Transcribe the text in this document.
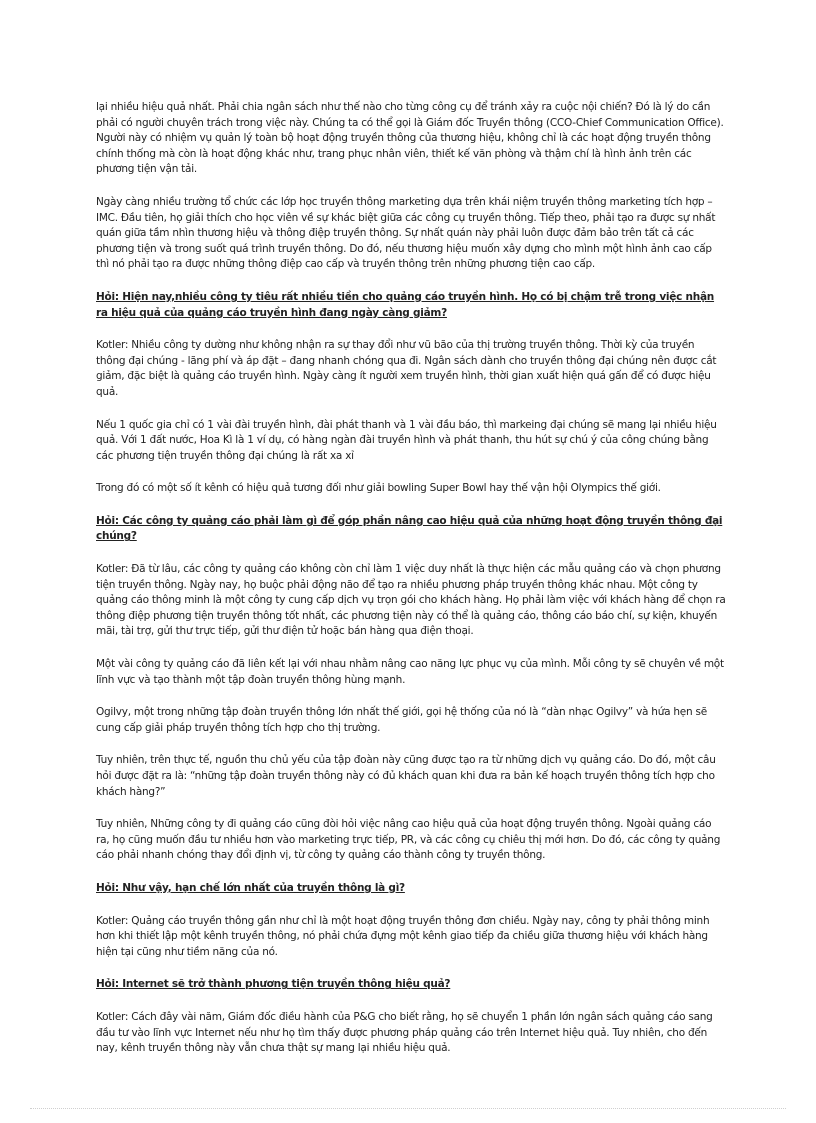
lại nhiều hiệu quả nhất. Phải chia ngân sách như thế nào cho từng công cụ để tránh xảy ra cuộc nội chiến? Đó là lý do cần phải có người chuyên trách trong việc này. Chúng ta có thể gọi là Giám đốc Truyền thông (CCO-Chief Communication Office). Người này có nhiệm vụ quản lý toàn bộ hoạt động truyền thông của thương hiệu, không chỉ là các hoạt động truyền thông chính thống mà còn là hoạt động khác như, trang phục nhân viên, thiết kế văn phòng và thậm chí là hình ảnh trên các phương tiện vận tải.

Ngày càng nhiều trường tổ chức các lớp học truyền thông marketing dựa trên khái niệm truyền thông marketing tích hợp – IMC. Đầu tiên, họ giải thích cho học viên về sự khác biệt giữa các công cụ truyền thông. Tiếp theo, phải tạo ra được sự nhất quán giữa tầm nhìn thương hiệu và thông điệp truyền thông. Sự nhất quán này phải luôn được đảm bảo trên tất cả các phương tiện và trong suốt quá trình truyền thông. Do đó, nếu thương hiệu muốn xây dựng cho mình một hình ảnh cao cấp thì nó phải tạo ra được những thông điệp cao cấp và truyền thông trên những phương tiện cao cấp.

Hỏi: Hiện nay,nhiều công ty tiêu rất nhiều tiền cho quảng cáo truyền hình. Họ có bị chậm trễ trong việc nhận ra hiệu quả của quảng cáo truyền hình đang ngày càng giảm?

Kotler: Nhiều công ty dường như không nhận ra sự thay đổi như vũ bão của thị trường truyền thông. Thời kỳ của truyền thông đại chúng - lãng phí và áp đặt – đang nhanh chóng qua đi. Ngân sách dành cho truyền thông đại chúng nên được cắt giảm, đặc biệt là quảng cáo truyền hình. Ngày càng ít người xem truyền hình, thời gian xuất hiện quá gấn để có được hiệu quả.

Nếu 1 quốc gia chỉ có 1 vài đài truyền hình, đài phát thanh và 1 vài đầu báo, thì markeing đại chúng sẽ mang lại nhiều hiệu quả. Với 1 đất nước, Hoa Kì là 1 ví dụ, có hàng ngàn đài truyền hình và phát thanh, thu hút sự chú ý của công chúng bằng các phương tiện truyền thông đại chúng là rất xa xỉ

Trong đó có một số ít kênh có hiệu quả tương đối như giải bowling Super Bowl hay thế vận hội Olympics thế giới.

Hỏi: Các công ty quảng cáo phải làm gì để góp phần nâng cao hiệu quả của những hoạt động truyền thông đại chúng?

Kotler: Đã từ lâu, các công ty quảng cáo không còn chỉ làm 1 việc duy nhất là thực hiện các mẫu quảng cáo và chọn phương tiện truyền thông. Ngày nay, họ buộc phải động não để tạo ra nhiều phương pháp truyền thông khác nhau. Một công ty quảng cáo thông minh là một công ty cung cấp dịch vụ trọn gói cho khách hàng. Họ phải làm việc với khách hàng để chọn ra thông điệp phương tiện truyền thông tốt nhất, các phương tiện này có thể là quảng cáo, thông cáo báo chí, sự kiện, khuyến mãi, tài trợ, gửi thư trực tiếp, gửi thư điện tử hoặc bán hàng qua điện thoại.

Một vài công ty quảng cáo đã liên kết lại với nhau nhằm nâng cao năng lực phục vụ của mình. Mỗi công ty sẽ chuyên về một lĩnh vực và tạo thành một tập đoàn truyền thông hùng mạnh.

Ogilvy, một trong những tập đoàn truyền thông lớn nhất thế giới, gọi hệ thống của nó là “dàn nhạc Ogilvy” và hứa hẹn sẽ cung cấp giải pháp truyền thông tích hợp cho thị trường.

Tuy nhiên, trên thực tế, nguồn thu chủ yếu của tập đoàn này cũng được tạo ra từ những dịch vụ quảng cáo. Do đó, một câu hỏi được đặt ra là: “những tập đoàn truyền thông này có đủ khách quan khi đưa ra bản kế hoạch truyền thông tích hợp cho khách hàng?”

Tuy nhiên, Những công ty đi quảng cáo cũng đòi hỏi việc nâng cao hiệu quả của hoạt động truyền thông. Ngoài quảng cáo ra, họ cũng muốn đầu tư nhiều hơn vào marketing trực tiếp, PR, và các công cụ chiêu thị mới hơn. Do đó, các công ty quảng cáo phải nhanh chóng thay đổi định vị, từ công ty quảng cáo thành công ty truyền thông.

Hỏi: Như vậy, hạn chế lớn nhất của truyền thông là gì?

Kotler: Quảng cáo truyền thông gần như chỉ là một hoạt động truyền thông đơn chiều. Ngày nay, công ty phải thông minh hơn khi thiết lập một kênh truyền thông, nó phải chứa đựng một kênh giao tiếp đa chiều giữa thương hiệu với khách hàng hiện tại cũng như tiềm năng của nó.

Hỏi: Internet sẽ trở thành phương tiện truyền thông hiệu quả?

Kotler: Cách đây vài năm, Giám đốc điều hành của P&G cho biết rằng, họ sẽ chuyển 1 phần lớn ngân sách quảng cáo sang đầu tư vào lĩnh vực Internet nếu như họ tìm thấy được phương pháp quảng cáo trên Internet hiệu quả. Tuy nhiên, cho đến nay, kênh truyền thông này vẫn chưa thật sự mang lại nhiều hiệu quả.
